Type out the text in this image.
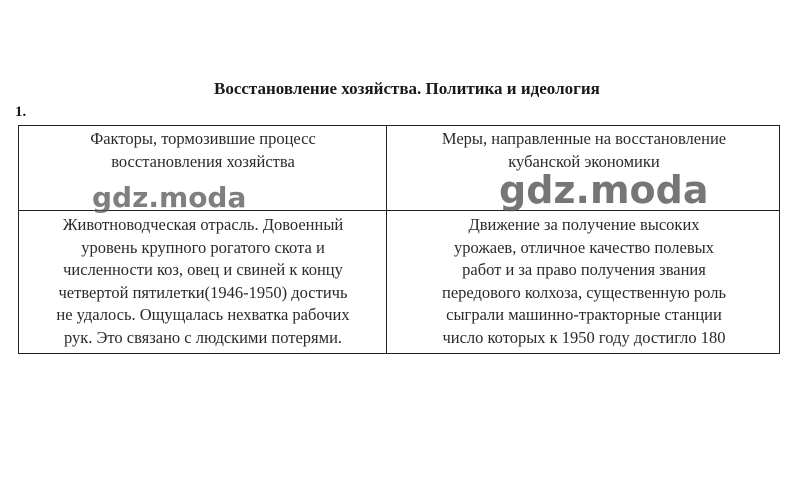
Восстановление хозяйства. Политика и идеология
1.
Факторы, тормозившие процесс
восстановления хозяйства
Меры, направленные на восстановление
кубанской экономики
Животноводческая отрасль. Довоенный
уровень крупного рогатого скота и
численности коз, овец и свиней к концу
четвертой пятилетки(1946-1950) достичь
не удалось. Ощущалась нехватка рабочих
рук. Это связано с людскими потерями.
Движение за получение высоких
урожаев, отличное качество полевых
работ и за право получения звания
передового колхоза, существенную роль
сыграли машинно-тракторные станции
число которых к 1950 году достигло 180
gdz.moda	gdz.moda
